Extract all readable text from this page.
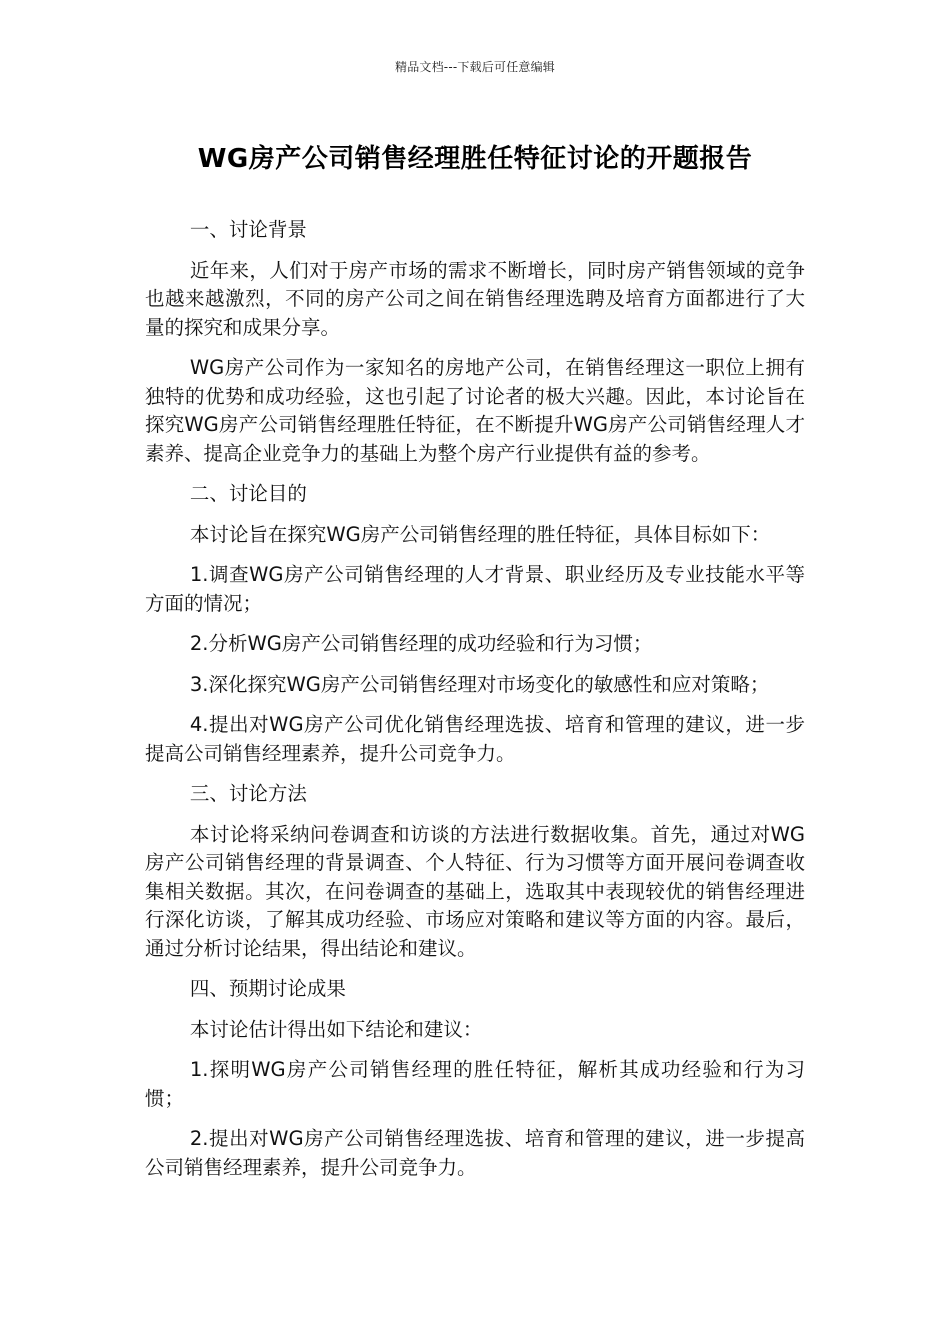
精品文档---下载后可任意编辑
WG房产公司销售经理胜任特征讨论的开题报告

一、讨论背景

近年来，人们对于房产市场的需求不断增长，同时房产销售领域的竞争也越来越激烈，不同的房产公司之间在销售经理选聘及培育方面都进行了大量的探究和成果分享。

WG房产公司作为一家知名的房地产公司，在销售经理这一职位上拥有独特的优势和成功经验，这也引起了讨论者的极大兴趣。因此，本讨论旨在探究WG房产公司销售经理胜任特征，在不断提升WG房产公司销售经理人才素养、提高企业竞争力的基础上为整个房产行业提供有益的参考。

二、讨论目的

本讨论旨在探究WG房产公司销售经理的胜任特征，具体目标如下：

1.调查WG房产公司销售经理的人才背景、职业经历及专业技能水平等方面的情况；

2.分析WG房产公司销售经理的成功经验和行为习惯；

3.深化探究WG房产公司销售经理对市场变化的敏感性和应对策略；

4.提出对WG房产公司优化销售经理选拔、培育和管理的建议，进一步提高公司销售经理素养，提升公司竞争力。

三、讨论方法

本讨论将采纳问卷调查和访谈的方法进行数据收集。首先，通过对WG房产公司销售经理的背景调查、个人特征、行为习惯等方面开展问卷调查收集相关数据。其次，在问卷调查的基础上，选取其中表现较优的销售经理进行深化访谈，了解其成功经验、市场应对策略和建议等方面的内容。最后，通过分析讨论结果，得出结论和建议。

四、预期讨论成果

本讨论估计得出如下结论和建议：

1.探明WG房产公司销售经理的胜任特征，解析其成功经验和行为习惯；

2.提出对WG房产公司销售经理选拔、培育和管理的建议，进一步提高公司销售经理素养，提升公司竞争力。
